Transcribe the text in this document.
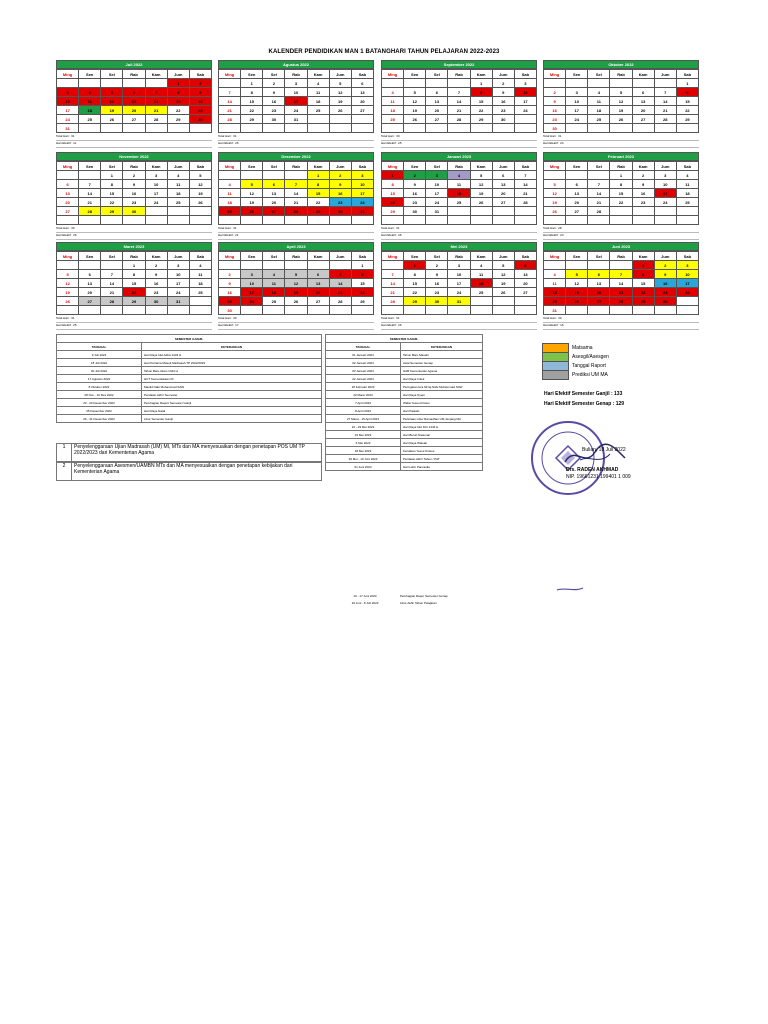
KALENDER PENDIDIKAN MAN 1 BATANGHARI TAHUN PELAJARAN 2022-2023
Juli 2022
Ming	Sen	Sel	Rab	Kam	Jum	Sab
					1	2
3	4	5	6	7	8	9
10	11	12	13	14	15	16
17	18	19	20	21	22	23
24	25	26	27	28	29	30
31						
Total Hari : 31
Hari Efektif : 11
Agustus 2022
Ming	Sen	Sel	Rab	Kam	Jum	Sab
	1	2	3	4	5	6
7	8	9	10	11	12	13
14	15	16	17	18	19	20
21	22	23	24	25	26	27
28	29	30	31			

Total Hari : 31
Hari Efektif : 26
September 2022
Ming	Sen	Sel	Rab	Kam	Jum	Sab
				1	2	3
4	5	6	7	8	9	10
11	12	13	14	15	16	17
18	19	20	21	22	23	24
25	26	27	28	29	30	

Total Hari : 30
Hari Efektif : 25
Oktober 2022
Ming	Sen	Sel	Rab	Kam	Jum	Sab
						1
2	3	4	5	6	7	8
9	10	11	12	13	14	15
16	17	18	19	20	21	22
23	24	25	26	27	28	29
30						
Total Hari : 31
Hari Efektif : 24
November 2022
Ming	Sen	Sel	Rab	Kam	Jum	Sab
		1	2	3	4	5
6	7	8	9	10	11	12
13	14	15	16	17	18	19
20	21	22	23	24	25	26
27	28	29	30			

Total Hari : 30
Hari Efektif : 26
Desember 2022
Ming	Sen	Sel	Rab	Kam	Jum	Sab
				1	2	3
4	5	6	7	8	9	10
11	12	13	14	15	16	17
18	19	20	21	22	23	24
25	26	27	28	29	30	31

Total Hari : 31
Hari Efektif : 21
Januari 2023
Ming	Sen	Sel	Rab	Kam	Jum	Sab
1	2	3	4	5	6	7
8	9	10	11	12	13	14
15	16	17	18	19	20	21
22	23	24	25	26	27	28
29	30	31				

Total Hari : 31
Hari Efektif : 26
Februari 2023
Ming	Sen	Sel	Rab	Kam	Jum	Sab
			1	2	3	4
5	6	7	8	9	10	11
12	13	14	15	16	17	18
19	20	21	22	23	24	25
26	27	28				

Total Hari : 28
Hari Efektif : 23
Maret 2023
Ming	Sen	Sel	Rab	Kam	Jum	Sab
			1	2	3	4
5	6	7	8	9	10	11
12	13	14	15	16	17	18
19	20	21	22	23	24	25
26	27	28	29	30	31	

Total Hari : 31
Hari Efektif : 25
April 2023
Ming	Sen	Sel	Rab	Kam	Jum	Sab
						1
2	3	4	5	6	7	8
9	10	11	12	13	14	15
16	17	18	19	20	21	22
23	24	25	26	27	28	29
30						
Total Hari : 30
Hari Efektif : 17
Mei 2023
Ming	Sen	Sel	Rab	Kam	Jum	Sab
	1	2	3	4	5	6
7	8	9	10	11	12	13
14	15	16	17	18	19	20
21	22	23	24	25	26	27
28	29	30	31			

Total Hari : 31
Hari Efektif : 26
Juni 2023
Ming	Sen	Sel	Rab	Kam	Jum	Sab
				1	2	3
4	5	6	7	8	9	10
11	12	13	14	15	16	17
18	19	20	21	22	23	24
25	26	27	28	29	30	
31						
Total Hari : 30
Hari Efektif : 16
SEMESTER GANJIL	
TANGGAL	KETERANGAN
9 Juli 2022	Hari Raya Idul Adha 1443 H
18 Juli 2022	Hari Pertama Masuk Madrasah TP 2022/2023
30 Juli 2022	Tahun Baru Islam 1444 H
17 Agustus 2022	HUT Kemerdekaan RI
8 Oktober 2022	Maulid Nabi Muhammad SAW
28 Nov - 10 Des 2022	Penilaian Akhir Semester
23 - 24 Desember 2022	Pembagian Raport Semester Ganjil
25 Desember 2022	Hari Raya Natal
26 - 31 Desember 2022	Libur Semester Ganjil
SEMESTER GANJIL	
TANGGAL	KETERANGAN
01 Januari 2023	Tahun Baru Masehi
02 Januari 2023	Awal Semester Genap
03 Januari 2023	HAB Kementerian Agama
22 Januari 2023	Hari Raya Imlek
18 Februari 2023	Peringatan Isra Mi'raj Nabi Muhammad SAW
22 Maret 2023	Hari Raya Nyepi
7 April 2023	Wafat Yesus Kristus
8 April 2023	Hari Paskah
27 Maret - 15 April 2023	Perkiraan Libur Ramadhan UM Jenjang MA
22 - 23 Mei 2023	Hari Raya Idul Fitri 1444 H
01 Mei 2023	Hari Buruh Nasional
6 Mei 2023	Hari Raya Waisak
18 Mei 2023	Kenaikan Yesus Kristus
29 Mei - 10 Juni 2023	Penilaian Akhir Tahun / PAT
01 Juni 2023	Hari Lahir Pancasila
1	Penyelenggaraan Ujian Madrasah (UM) MI, MTs dan MA menyesuaikan dengan penetapan POS UM TP 2022/2023 dari Kementerian Agama
2	Penyelenggaraan Asesmen/UAMBN MTs dan MA menyesuaikan dengan penetapan kebijakan dari Kementerian Agama
Matsama
Asesgil/Asesgen
Tanggal Raport
Prediksi UM MA
Hari Efektif Semester Ganjil : 133
Hari Efektif Semester Genap : 129
Bulian, 18 Juli 2022
Drs. RADEN AKHMAD
NIP. 19661231 199401 1 009
16 - 17 Juni 2023	Pembagian Rapor Semester Genap
19 Juni - 8 Juli 2023	Libur Akhir Tahun Pelajaran
